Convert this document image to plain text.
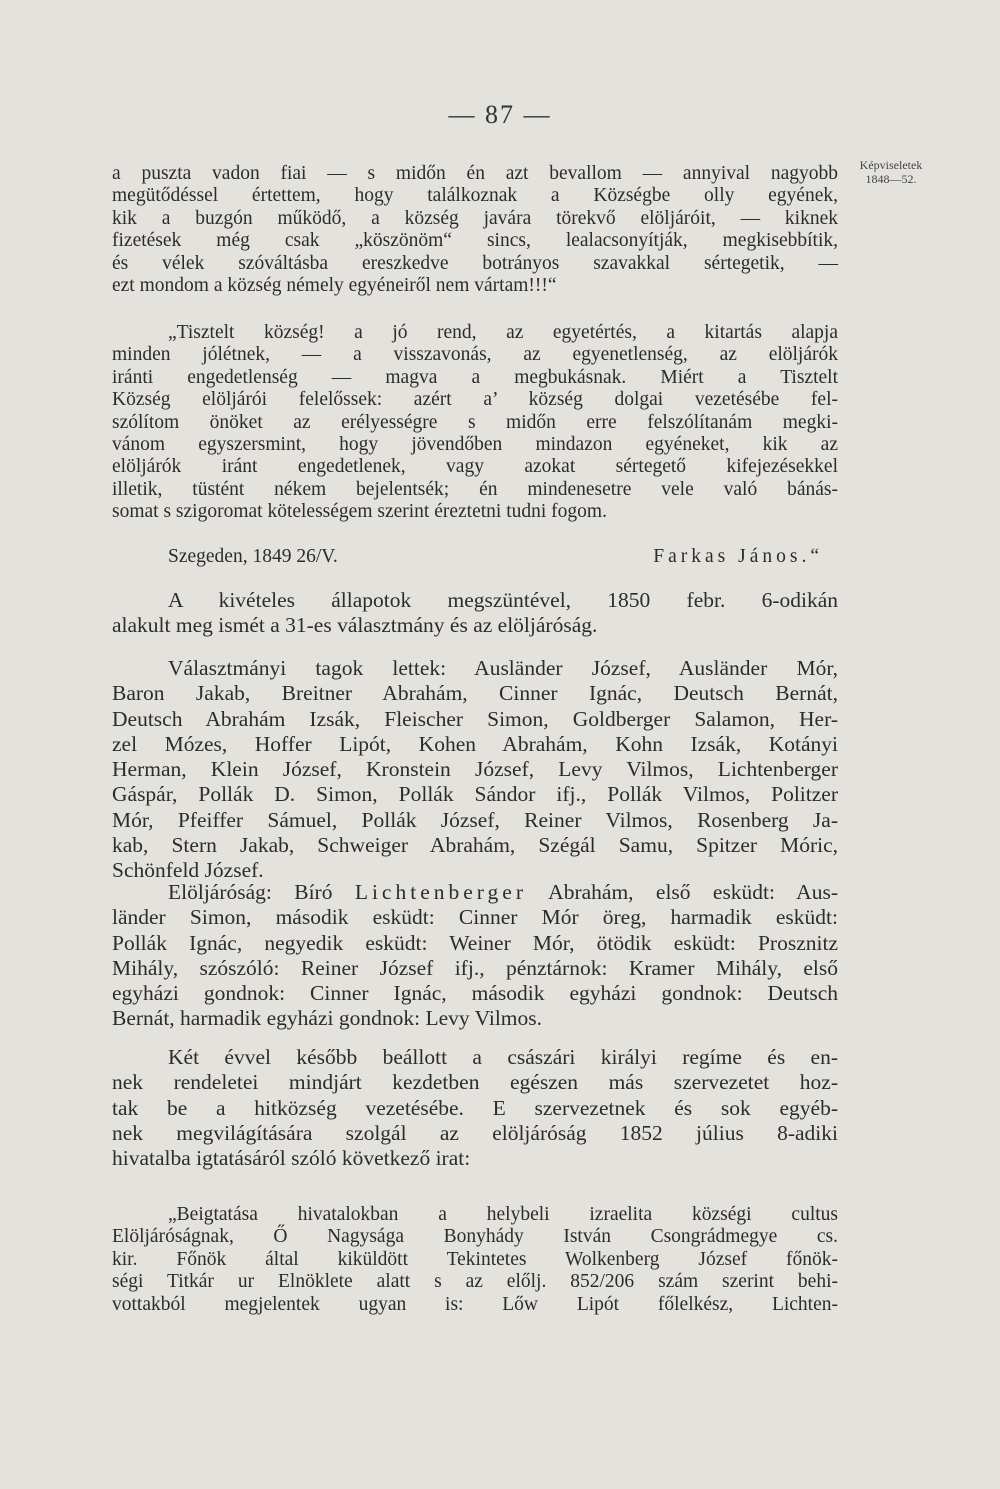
— 87 —
Képviseletek
1848—52.
a puszta vadon fiai — s midőn én azt bevallom — annyival nagyobb
megütődéssel értettem, hogy találkoznak a Községbe olly egyének,
kik a buzgón működő, a község javára törekvő elöljáróit, — kiknek
fizetések még csak „köszönöm“ sincs, lealacsonyítják, megkisebbítik,
és vélek szóváltásba ereszkedve botrányos szavakkal sértegetik, —
ezt mondom a község némely egyéneiről nem vártam!!!“
„Tisztelt község! a jó rend, az egyetértés, a kitartás alapja
minden jólétnek, — a visszavonás, az egyenetlenség, az elöljárók
iránti engedetlenség — magva a megbukásnak. Miért a Tisztelt
Község elöljárói felelőssek: azért a’ község dolgai vezetésébe fel-
szólítom önöket az erélyességre s midőn erre felszólítanám megki-
vánom egyszersmint, hogy jövendőben mindazon egyéneket, kik az
elöljárók iránt engedetlenek, vagy azokat sértegető kifejezésekkel
illetik, tüstént nékem bejelentsék; én mindenesetre vele való bánás-
somat s szigoromat kötelességem szerint éreztetni tudni fogom.
Szegeden, 1849 26/V.	Farkas János.“
A kivételes állapotok megszüntével, 1850 febr. 6-odikán
alakult meg ismét a 31-es választmány és az elöljáróság.
Választmányi tagok lettek: Ausländer József, Ausländer Mór,
Baron Jakab, Breitner Abrahám, Cinner Ignác, Deutsch Bernát,
Deutsch Abrahám Izsák, Fleischer Simon, Goldberger Salamon, Her-
zel Mózes, Hoffer Lipót, Kohen Abrahám, Kohn Izsák, Kotányi
Herman, Klein József, Kronstein József, Levy Vilmos, Lichtenberger
Gáspár, Pollák D. Simon, Pollák Sándor ifj., Pollák Vilmos, Politzer
Mór, Pfeiffer Sámuel, Pollák József, Reiner Vilmos, Rosenberg Ja-
kab, Stern Jakab, Schweiger Abrahám, Szégál Samu, Spitzer Móric,
Schönfeld József.
Elöljáróság: Bíró Lichtenberger Abrahám, első esküdt: Aus-
länder Simon, második esküdt: Cinner Mór öreg, harmadik esküdt:
Pollák Ignác, negyedik esküdt: Weiner Mór, ötödik esküdt: Prosznitz
Mihály, szószóló: Reiner József ifj., pénztárnok: Kramer Mihály, első
egyházi gondnok: Cinner Ignác, második egyházi gondnok: Deutsch
Bernát, harmadik egyházi gondnok: Levy Vilmos.
Két évvel később beállott a császári királyi regíme és en-
nek rendeletei mindjárt kezdetben egészen más szervezetet hoz-
tak be a hitközség vezetésébe. E szervezetnek és sok egyéb-
nek megvilágítására szolgál az elöljáróság 1852 július 8-adiki
hivatalba igtatásáról szóló következő irat:
„Beigtatása hivatalokban a helybeli izraelita községi cultus
Elöljáróságnak, Ő Nagysága Bonyhády István Csongrádmegye cs.
kir. Főnök által kiküldött Tekintetes Wolkenberg József főnök-
ségi Titkár ur Elnöklete alatt s az előlj. 852/206 szám szerint behi-
vottakból megjelentek ugyan is: Lőw Lipót főlelkész, Lichten-
